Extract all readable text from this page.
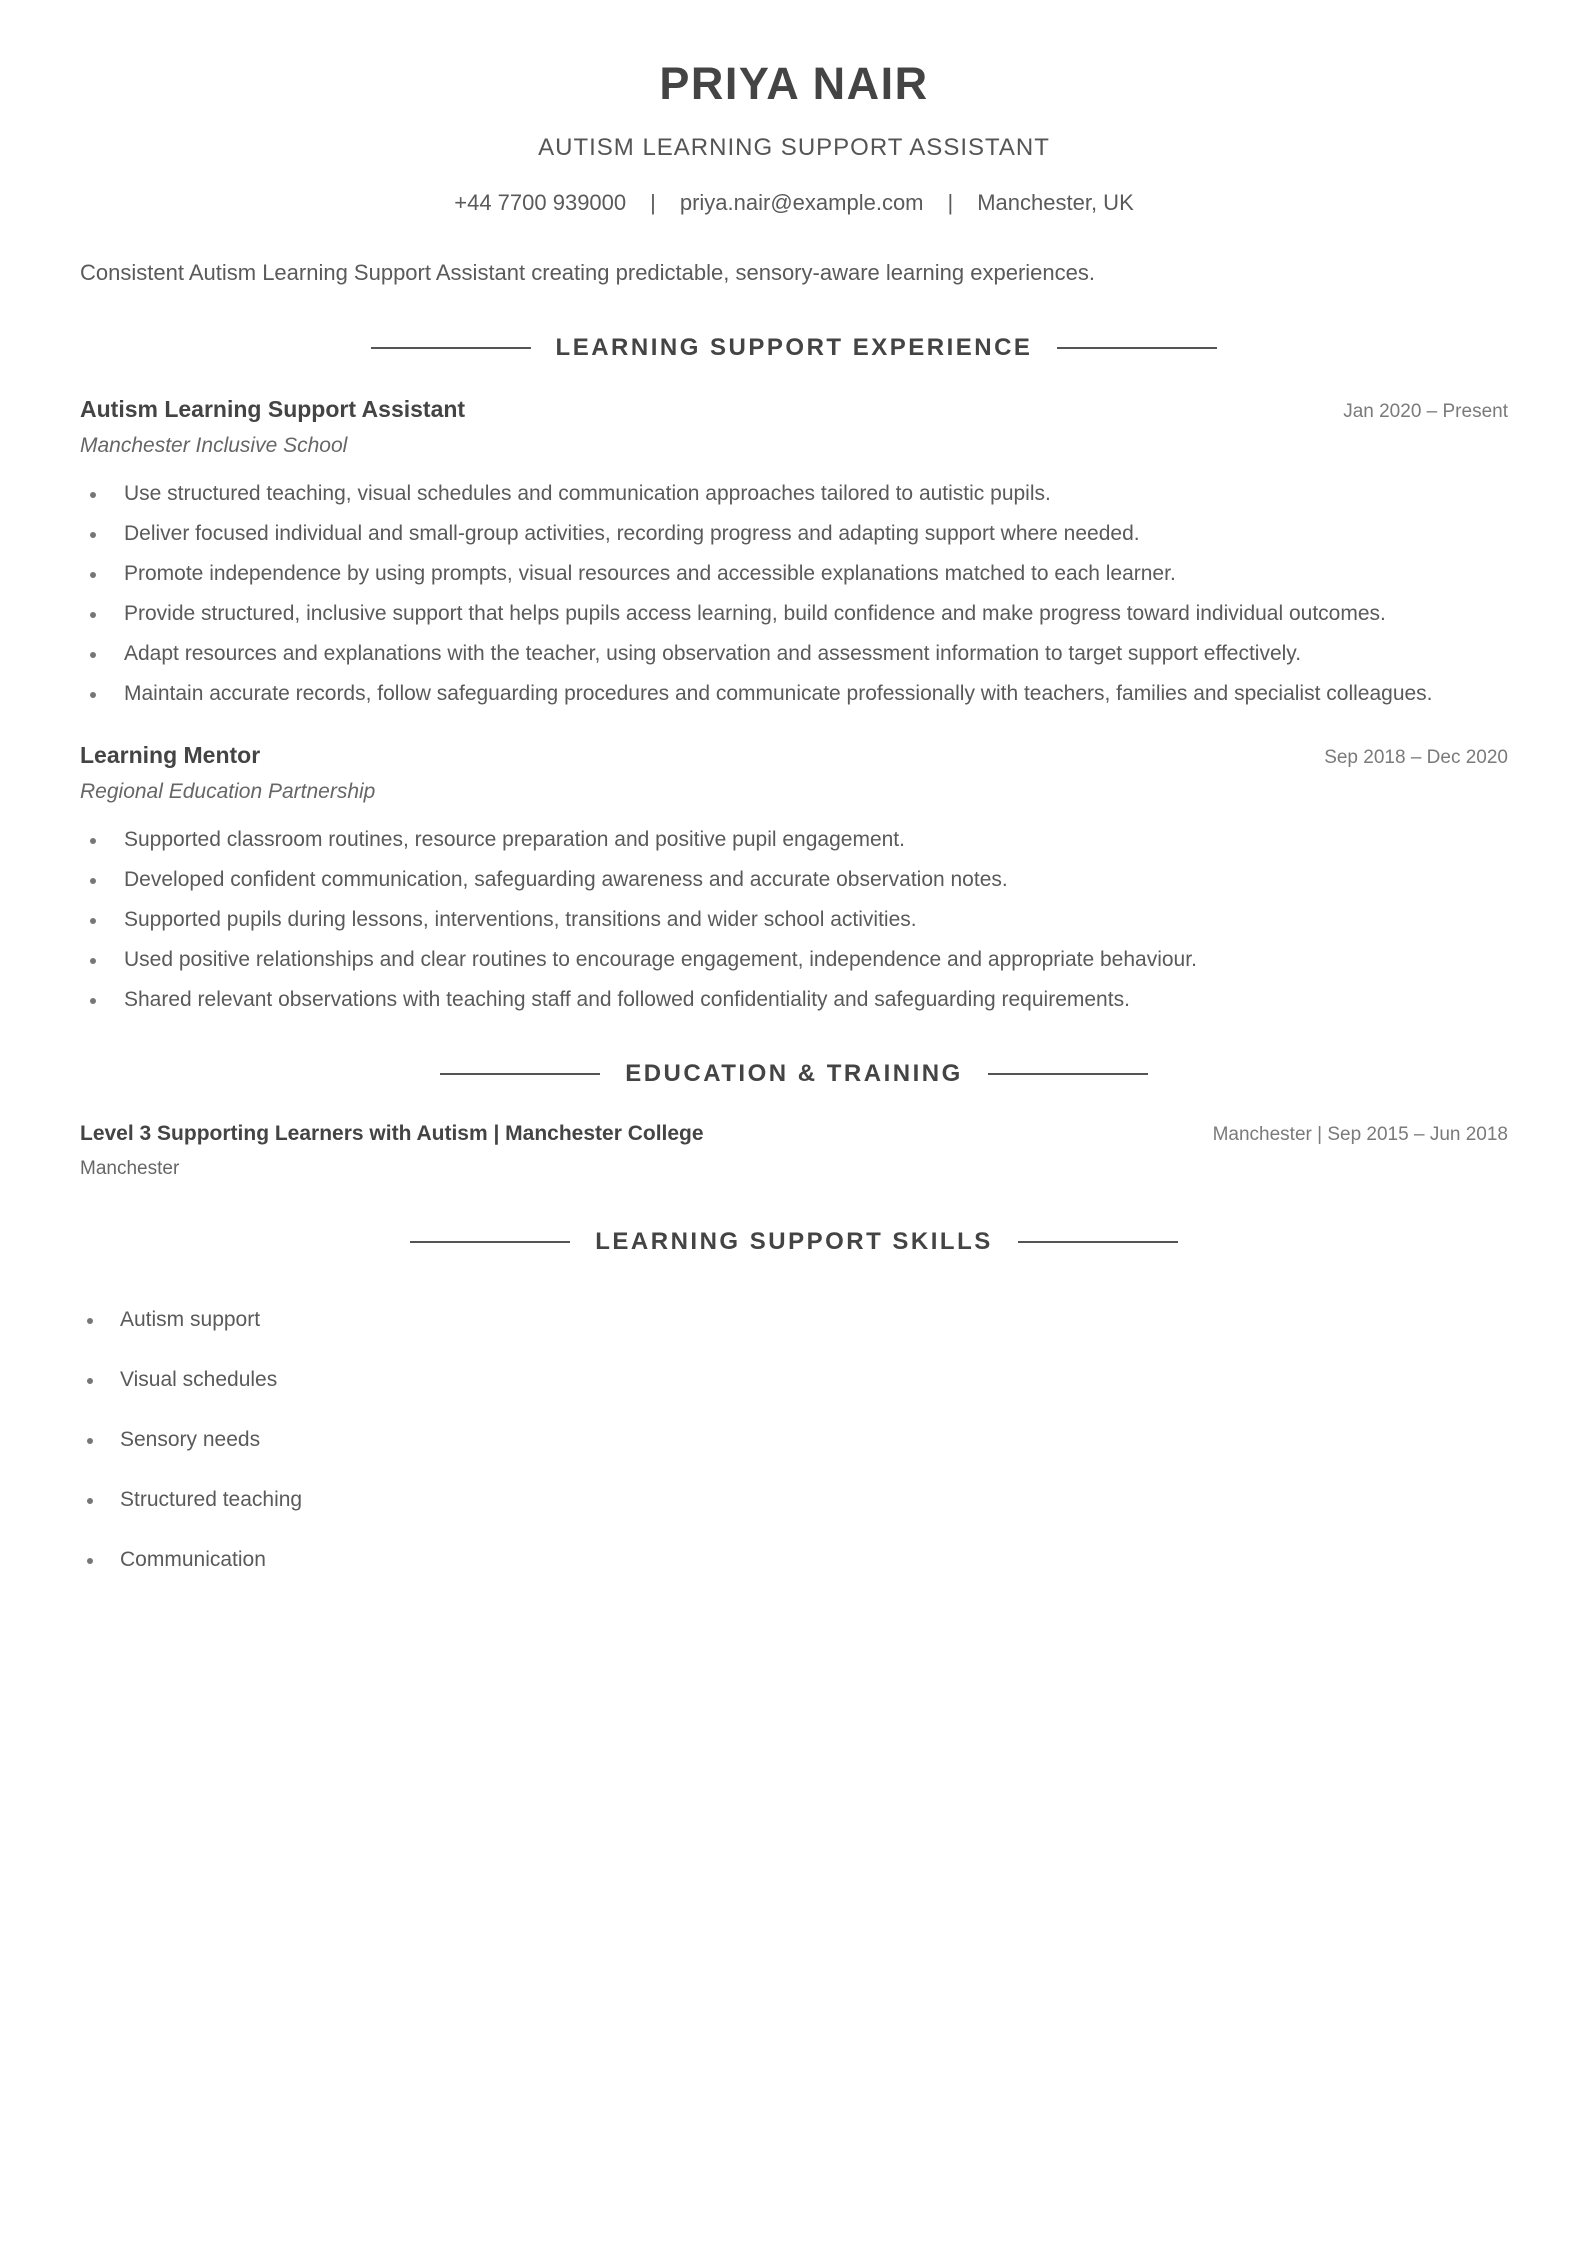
PRIYA NAIR
AUTISM LEARNING SUPPORT ASSISTANT
+44 7700 939000 | priya.nair@example.com | Manchester, UK
Consistent Autism Learning Support Assistant creating predictable, sensory-aware learning experiences.
LEARNING SUPPORT EXPERIENCE
Autism Learning Support Assistant	Jan 2020 – Present
Manchester Inclusive School
Use structured teaching, visual schedules and communication approaches tailored to autistic pupils.
Deliver focused individual and small-group activities, recording progress and adapting support where needed.
Promote independence by using prompts, visual resources and accessible explanations matched to each learner.
Provide structured, inclusive support that helps pupils access learning, build confidence and make progress toward individual outcomes.
Adapt resources and explanations with the teacher, using observation and assessment information to target support effectively.
Maintain accurate records, follow safeguarding procedures and communicate professionally with teachers, families and specialist colleagues.
Learning Mentor	Sep 2018 – Dec 2020
Regional Education Partnership
Supported classroom routines, resource preparation and positive pupil engagement.
Developed confident communication, safeguarding awareness and accurate observation notes.
Supported pupils during lessons, interventions, transitions and wider school activities.
Used positive relationships and clear routines to encourage engagement, independence and appropriate behaviour.
Shared relevant observations with teaching staff and followed confidentiality and safeguarding requirements.
EDUCATION & TRAINING
Level 3 Supporting Learners with Autism | Manchester College	Manchester | Sep 2015 – Jun 2018
Manchester
LEARNING SUPPORT SKILLS
Autism support
Visual schedules
Sensory needs
Structured teaching
Communication
